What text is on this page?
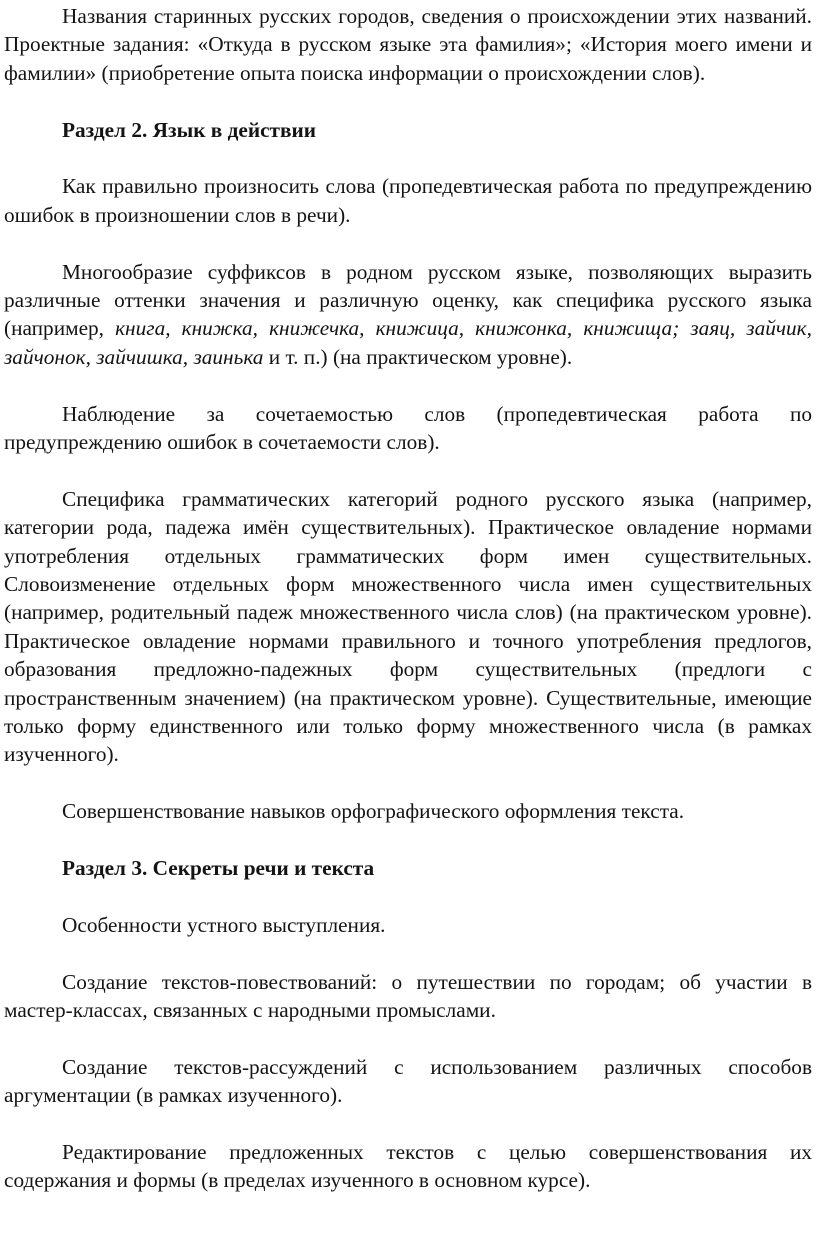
Названия старинных русских городов, сведения о происхождении этих названий. Проектные задания: «Откуда в русском языке эта фамилия»; «История моего имени и фамилии» (приобретение опыта поиска информации о происхождении слов).

Раздел 2. Язык в действии

Как правильно произносить слова (пропедевтическая работа по предупреждению ошибок в произношении слов в речи).

Многообразие суффиксов в родном русском языке, позволяющих выразить различные оттенки значения и различную оценку, как специфика русского языка (например, книга, книжка, книжечка, книжица, книжонка, книжища; заяц, зайчик, зайчонок, зайчишка, заинька и т. п.) (на практическом уровне).

Наблюдение за сочетаемостью слов (пропедевтическая работа по предупреждению ошибок в сочетаемости слов).

Специфика грамматических категорий родного русского языка (например, категории рода, падежа имён существительных). Практическое овладение нормами употребления отдельных грамматических форм имен существительных. Словоизменение отдельных форм множественного числа имен существительных (например, родительный падеж множественного числа слов) (на практическом уровне). Практическое овладение нормами правильного и точного употребления предлогов, образования предложно-падежных форм существительных (предлоги с пространственным значением) (на практическом уровне). Существительные, имеющие только форму единственного или только форму множественного числа (в рамках изученного).

Совершенствование навыков орфографического оформления текста.

Раздел 3. Секреты речи и текста

Особенности устного выступления.

Создание текстов-повествований: о путешествии по городам; об участии в мастер-классах, связанных с народными промыслами.

Создание текстов-рассуждений с использованием различных способов аргументации (в рамках изученного).

Редактирование предложенных текстов с целью совершенствования их содержания и формы (в пределах изученного в основном курсе).
